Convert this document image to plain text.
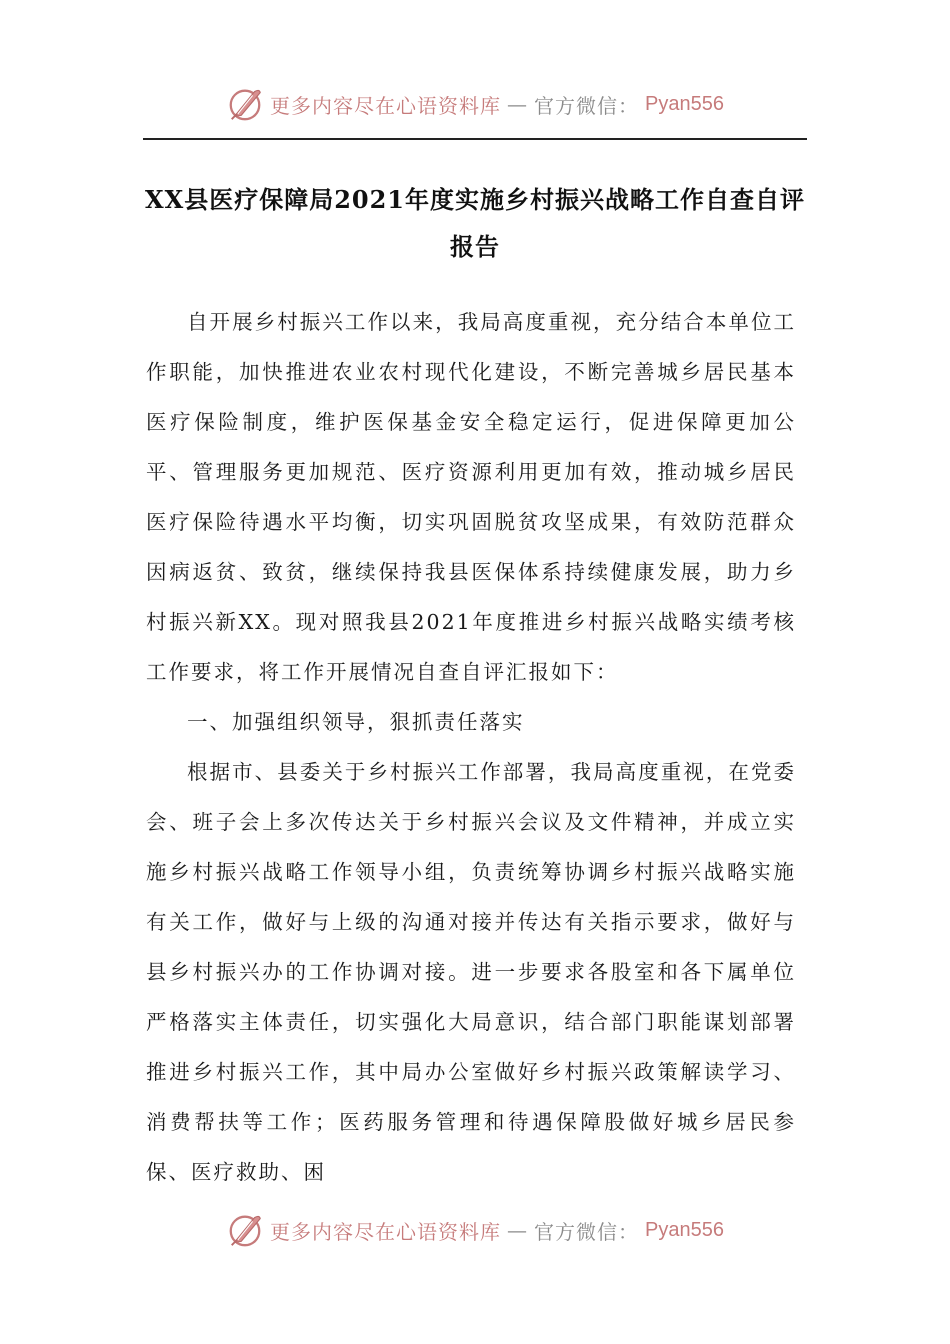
更多内容尽在心语资料库 — 官方微信： Pyan556
XX县医疗保障局2021年度实施乡村振兴战略工作自查自评报告

自开展乡村振兴工作以来，我局高度重视，充分结合本单位工作职能，加快推进农业农村现代化建设，不断完善城乡居民基本医疗保险制度，维护医保基金安全稳定运行，促进保障更加公平、管理服务更加规范、医疗资源利用更加有效，推动城乡居民医疗保险待遇水平均衡，切实巩固脱贫攻坚成果，有效防范群众因病返贫、致贫，继续保持我县医保体系持续健康发展，助力乡村振兴新XX。现对照我县2021年度推进乡村振兴战略实绩考核工作要求，将工作开展情况自查自评汇报如下：

一、加强组织领导，狠抓责任落实

根据市、县委关于乡村振兴工作部署，我局高度重视，在党委会、班子会上多次传达关于乡村振兴会议及文件精神，并成立实施乡村振兴战略工作领导小组，负责统筹协调乡村振兴战略实施有关工作，做好与上级的沟通对接并传达有关指示要求，做好与县乡村振兴办的工作协调对接。进一步要求各股室和各下属单位严格落实主体责任，切实强化大局意识，结合部门职能谋划部署推进乡村振兴工作，其中局办公室做好乡村振兴政策解读学习、消费帮扶等工作；医药服务管理和待遇保障股做好城乡居民参保、医疗救助、困

更多内容尽在心语资料库 — 官方微信： Pyan556
